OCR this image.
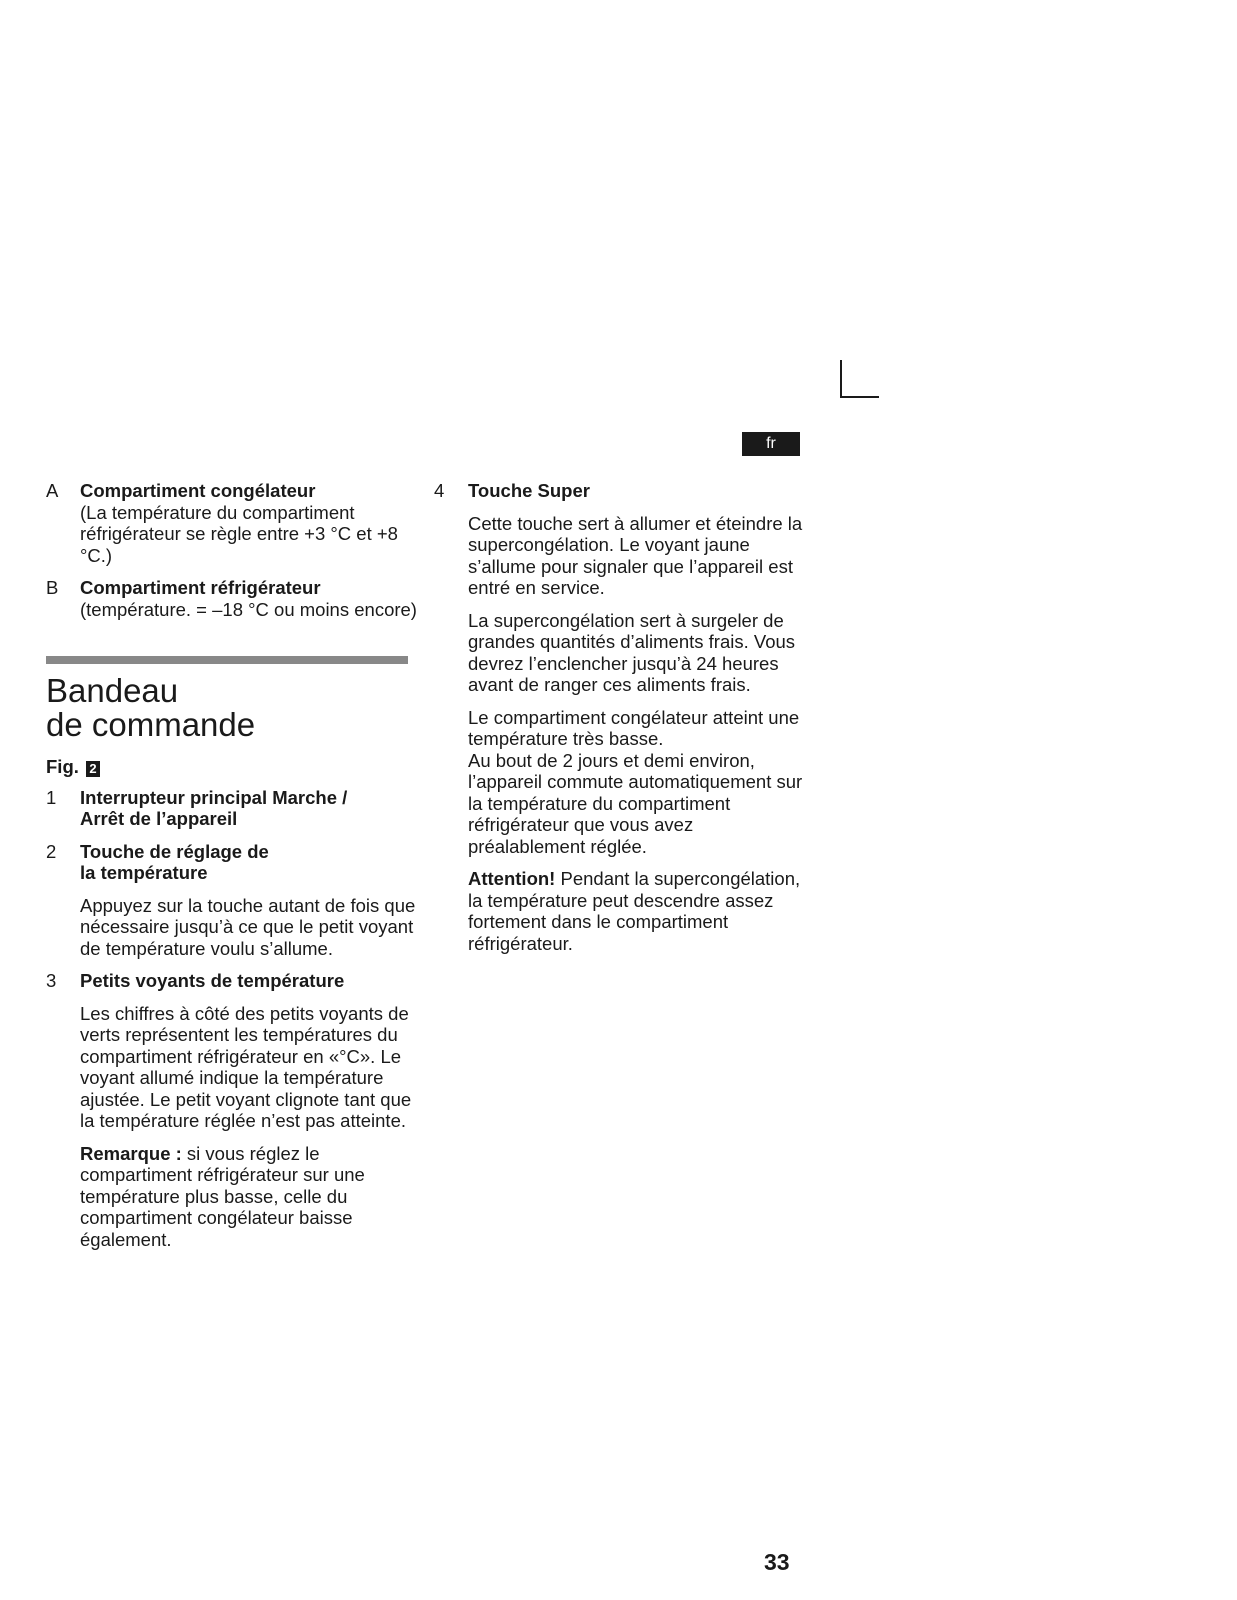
fr
A Compartiment congélateur
(La température du compartiment réfrigérateur se règle entre +3 °C et +8 °C.)
B Compartiment réfrigérateur
(température. = –18 °C ou moins encore)
Bandeau
de commande
Fig. 2
1 Interrupteur principal Marche /
Arrêt de l’appareil
2 Touche de réglage de
la température

Appuyez sur la touche autant de fois que nécessaire jusqu’à ce que le petit voyant de température voulu s’allume.

3 Petits voyants de température

Les chiffres à côté des petits voyants de verts représentent les températures du compartiment réfrigérateur en «°C». Le voyant allumé indique la température ajustée. Le petit voyant clignote tant que la température réglée n’est pas atteinte.

Remarque : si vous réglez le compartiment réfrigérateur sur une température plus basse, celle du compartiment congélateur baisse également.

4 Touche Super

Cette touche sert à allumer et éteindre la supercongélation. Le voyant jaune s’allume pour signaler que l’appareil est entré en service.

La supercongélation sert à surgeler de grandes quantités d’aliments frais. Vous devrez l’enclencher jusqu’à 24 heures avant de ranger ces aliments frais.

Le compartiment congélateur atteint une température très basse.

Au bout de 2 jours et demi environ, l’appareil commute automatiquement sur la température du compartiment réfrigérateur que vous avez préalablement réglée.

Attention! Pendant la supercongélation, la température peut descendre assez fortement dans le compartiment réfrigérateur.

33
